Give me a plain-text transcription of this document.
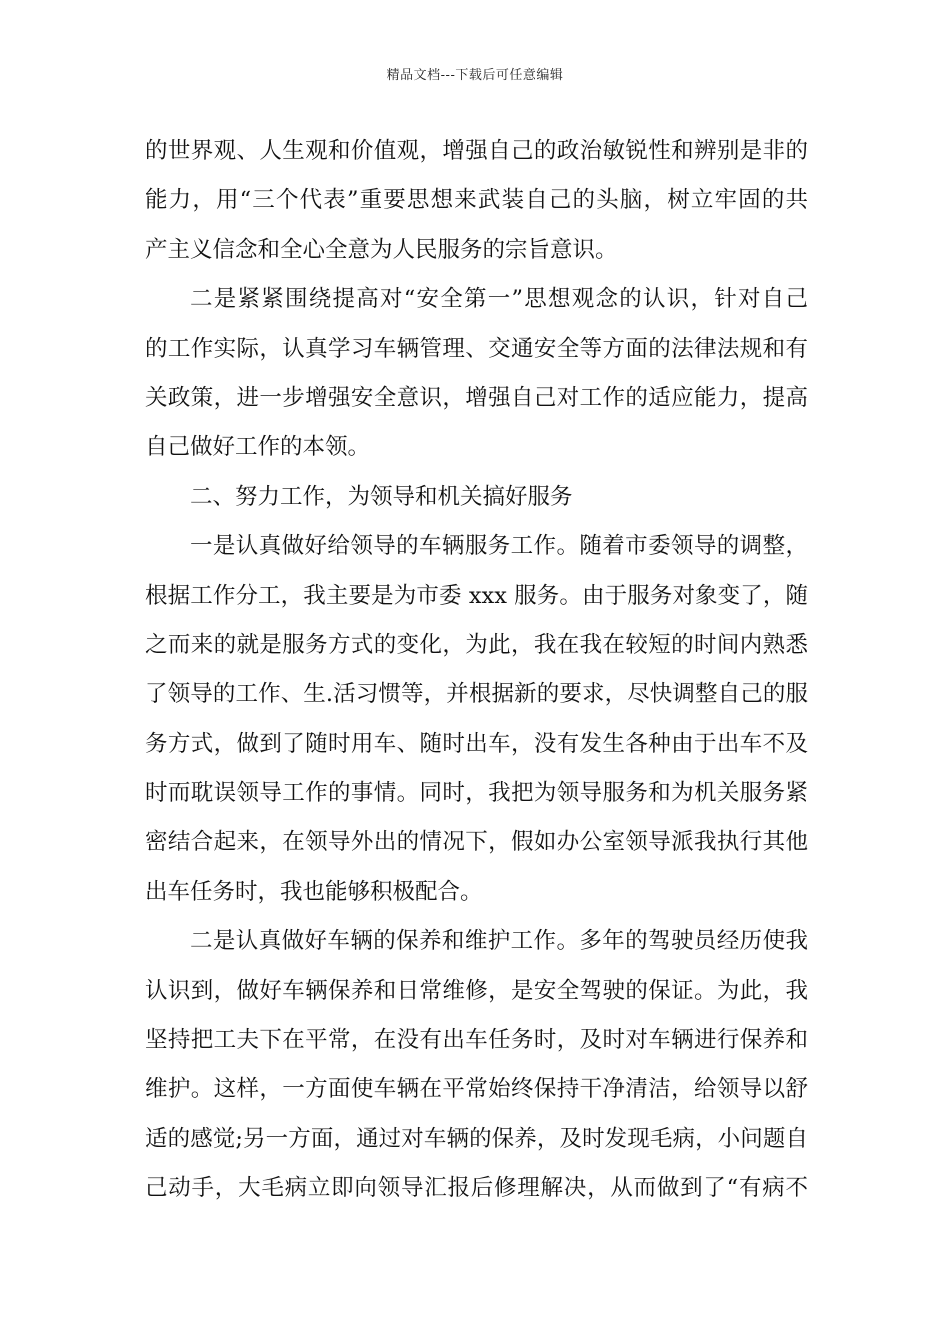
精品文档---下载后可任意编辑
的世界观、人生观和价值观，增强自己的政治敏锐性和辨别是非的
能力，用“三个代表”重要思想来武装自己的头脑，树立牢固的共
产主义信念和全心全意为人民服务的宗旨意识。
二是紧紧围绕提高对“安全第一”思想观念的认识，针对自己
的工作实际，认真学习车辆管理、交通安全等方面的法律法规和有
关政策，进一步增强安全意识，增强自己对工作的适应能力，提高
自己做好工作的本领。
二、努力工作，为领导和机关搞好服务
一是认真做好给领导的车辆服务工作。随着市委领导的调整，
根据工作分工，我主要是为市委 xxx 服务。由于服务对象变了，随
之而来的就是服务方式的变化，为此，我在我在较短的时间内熟悉
了领导的工作、生.活习惯等，并根据新的要求，尽快调整自己的服
务方式，做到了随时用车、随时出车，没有发生各种由于出车不及
时而耽误领导工作的事情。同时，我把为领导服务和为机关服务紧
密结合起来，在领导外出的情况下，假如办公室领导派我执行其他
出车任务时，我也能够积极配合。
二是认真做好车辆的保养和维护工作。多年的驾驶员经历使我
认识到，做好车辆保养和日常维修，是安全驾驶的保证。为此，我
坚持把工夫下在平常，在没有出车任务时，及时对车辆进行保养和
维护。这样，一方面使车辆在平常始终保持干净清洁，给领导以舒
适的感觉;另一方面，通过对车辆的保养，及时发现毛病，小问题自
己动手，大毛病立即向领导汇报后修理解决，从而做到了“有病不
